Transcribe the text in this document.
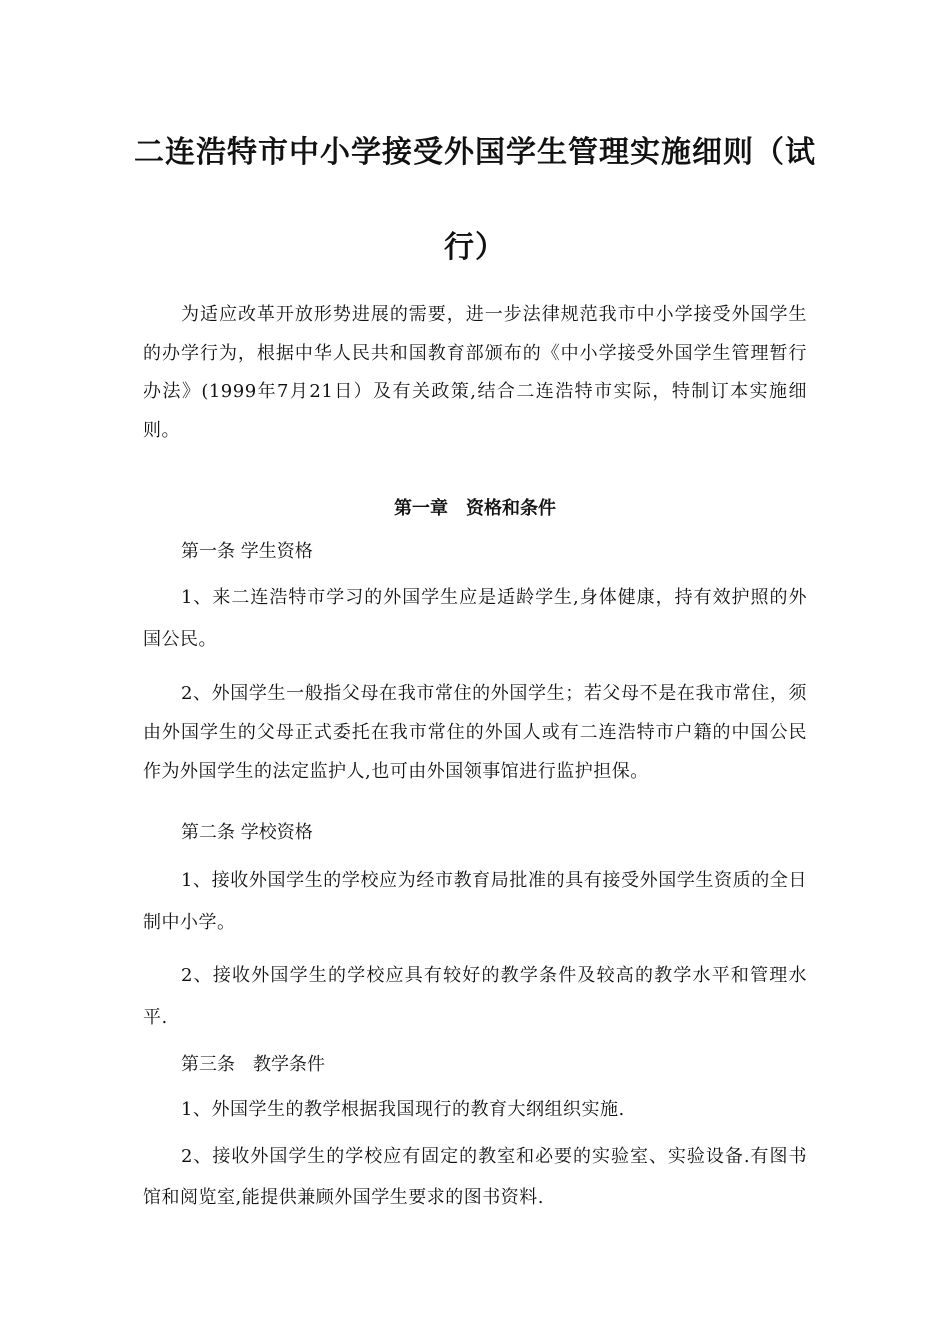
二连浩特市中小学接受外国学生管理实施细则（试
行）

为适应改革开放形势进展的需要，进一步法律规范我市中小学接受外国学生的办学行为，根据中华人民共和国教育部颁布的《中小学接受外国学生管理暂行办法》(1999年7月21日）及有关政策,结合二连浩特市实际，特制订本实施细则。

第一章　资格和条件
第一条 学生资格

1、来二连浩特市学习的外国学生应是适龄学生,身体健康，持有效护照的外国公民。

2、外国学生一般指父母在我市常住的外国学生；若父母不是在我市常住，须由外国学生的父母正式委托在我市常住的外国人或有二连浩特市户籍的中国公民作为外国学生的法定监护人,也可由外国领事馆进行监护担保。

第二条 学校资格

1、接收外国学生的学校应为经市教育局批准的具有接受外国学生资质的全日制中小学。

2、接收外国学生的学校应具有较好的教学条件及较高的教学水平和管理水平.

第三条　教学条件

1、外国学生的教学根据我国现行的教育大纲组织实施.

2、接收外国学生的学校应有固定的教室和必要的实验室、实验设备.有图书馆和阅览室,能提供兼顾外国学生要求的图书资料.
